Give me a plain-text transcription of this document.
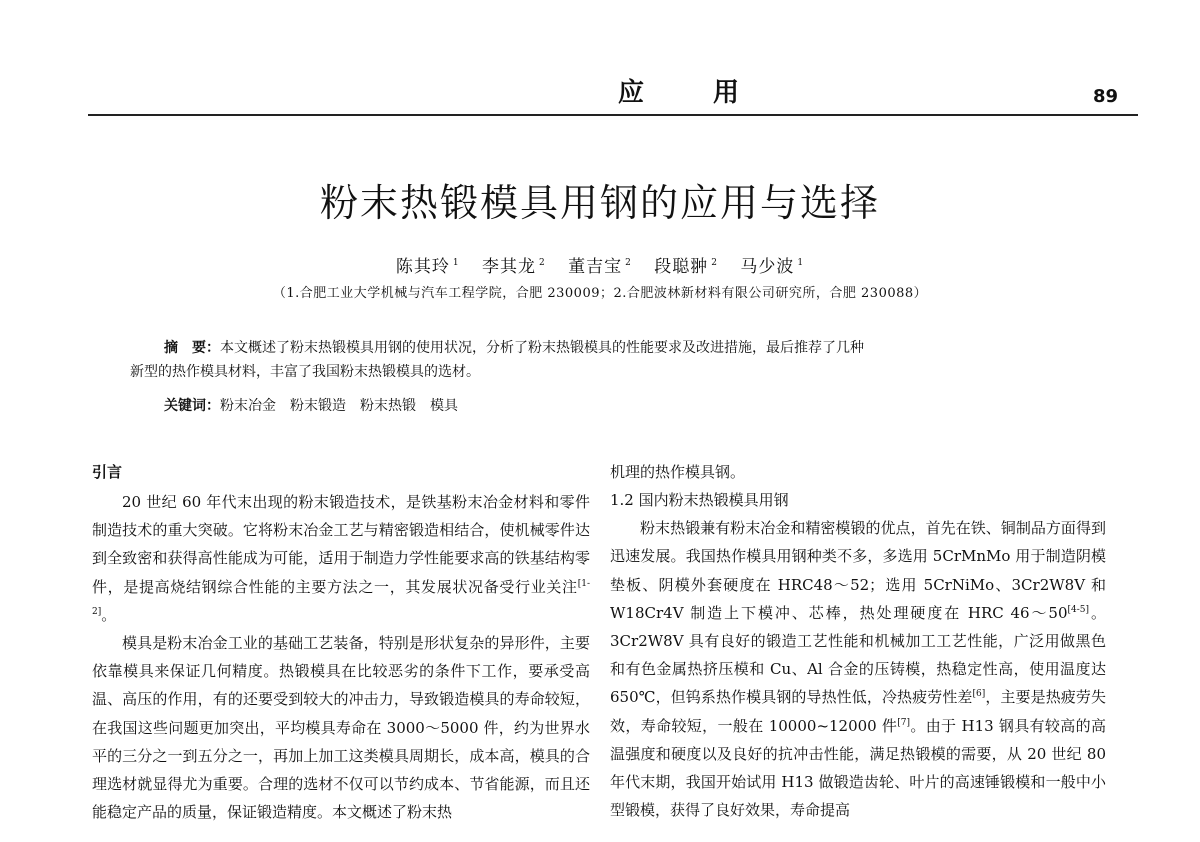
应 用	89
粉末热锻模具用钢的应用与选择
陈其玲 $^1$ 李其龙 $^2$ 董吉宝 $^2$ 段聪翀 $^2$ 马少波 $^1$
（1.合肥工业大学机械与汽车工程学院，合肥 230009；2.合肥波林新材料有限公司研究所，合肥 230088）
摘　要：本文概述了粉末热锻模具用钢的使用状况，分析了粉末热锻模具的性能要求及改进措施，最后推荐了几种
新型的热作模具材料，丰富了我国粉末热锻模具的选材。
关键词：粉末冶金 粉末锻造 粉末热锻 模具
引言

20 世纪 60 年代末出现的粉末锻造技术，是铁基粉末冶金材料和零件制造技术的重大突破。它将粉末冶金工艺与精密锻造相结合，使机械零件达到全致密和获得高性能成为可能，适用于制造力学性能要求高的铁基结构零件，是提高烧结钢综合性能的主要方法之一，其发展状况备受行业关注[1-2]。

模具是粉末冶金工业的基础工艺装备，特别是形状复杂的异形件，主要依靠模具来保证几何精度。热锻模具在比较恶劣的条件下工作，要承受高温、高压的作用，有的还要受到较大的冲击力，导致锻造模具的寿命较短，在我国这些问题更加突出，平均模具寿命在 3000～5000 件，约为世界水平的三分之一到五分之一，再加上加工这类模具周期长，成本高，模具的合理选材就显得尤为重要。合理的选材不仅可以节约成本、节省能源，而且还能稳定产品的质量，保证锻造精度。本文概述了粉末热

机理的热作模具钢。

1.2 国内粉末热锻模具用钢

粉末热锻兼有粉末冶金和精密模锻的优点，首先在铁、铜制品方面得到迅速发展。我国热作模具用钢种类不多，多选用 5CrMnMo 用于制造阴模垫板、阴模外套硬度在 HRC48～52；选用 5CrNiMo、3Cr2W8V 和 W18Cr4V 制造上下模冲、芯棒，热处理硬度在 HRC 46～50[4-5]。3Cr2W8V 具有良好的锻造工艺性能和机械加工工艺性能，广泛用做黑色和有色金属热挤压模和 Cu、Al 合金的压铸模，热稳定性高，使用温度达 650℃，但钨系热作模具钢的导热性低，冷热疲劳性差[6]，主要是热疲劳失效，寿命较短，一般在 10000~12000 件[7]。由于 H13 钢具有较高的高温强度和硬度以及良好的抗冲击性能，满足热锻模的需要，从 20 世纪 80 年代末期，我国开始试用 H13 做锻造齿轮、叶片的高速锤锻模和一般中小型锻模，获得了良好效果，寿命提高
